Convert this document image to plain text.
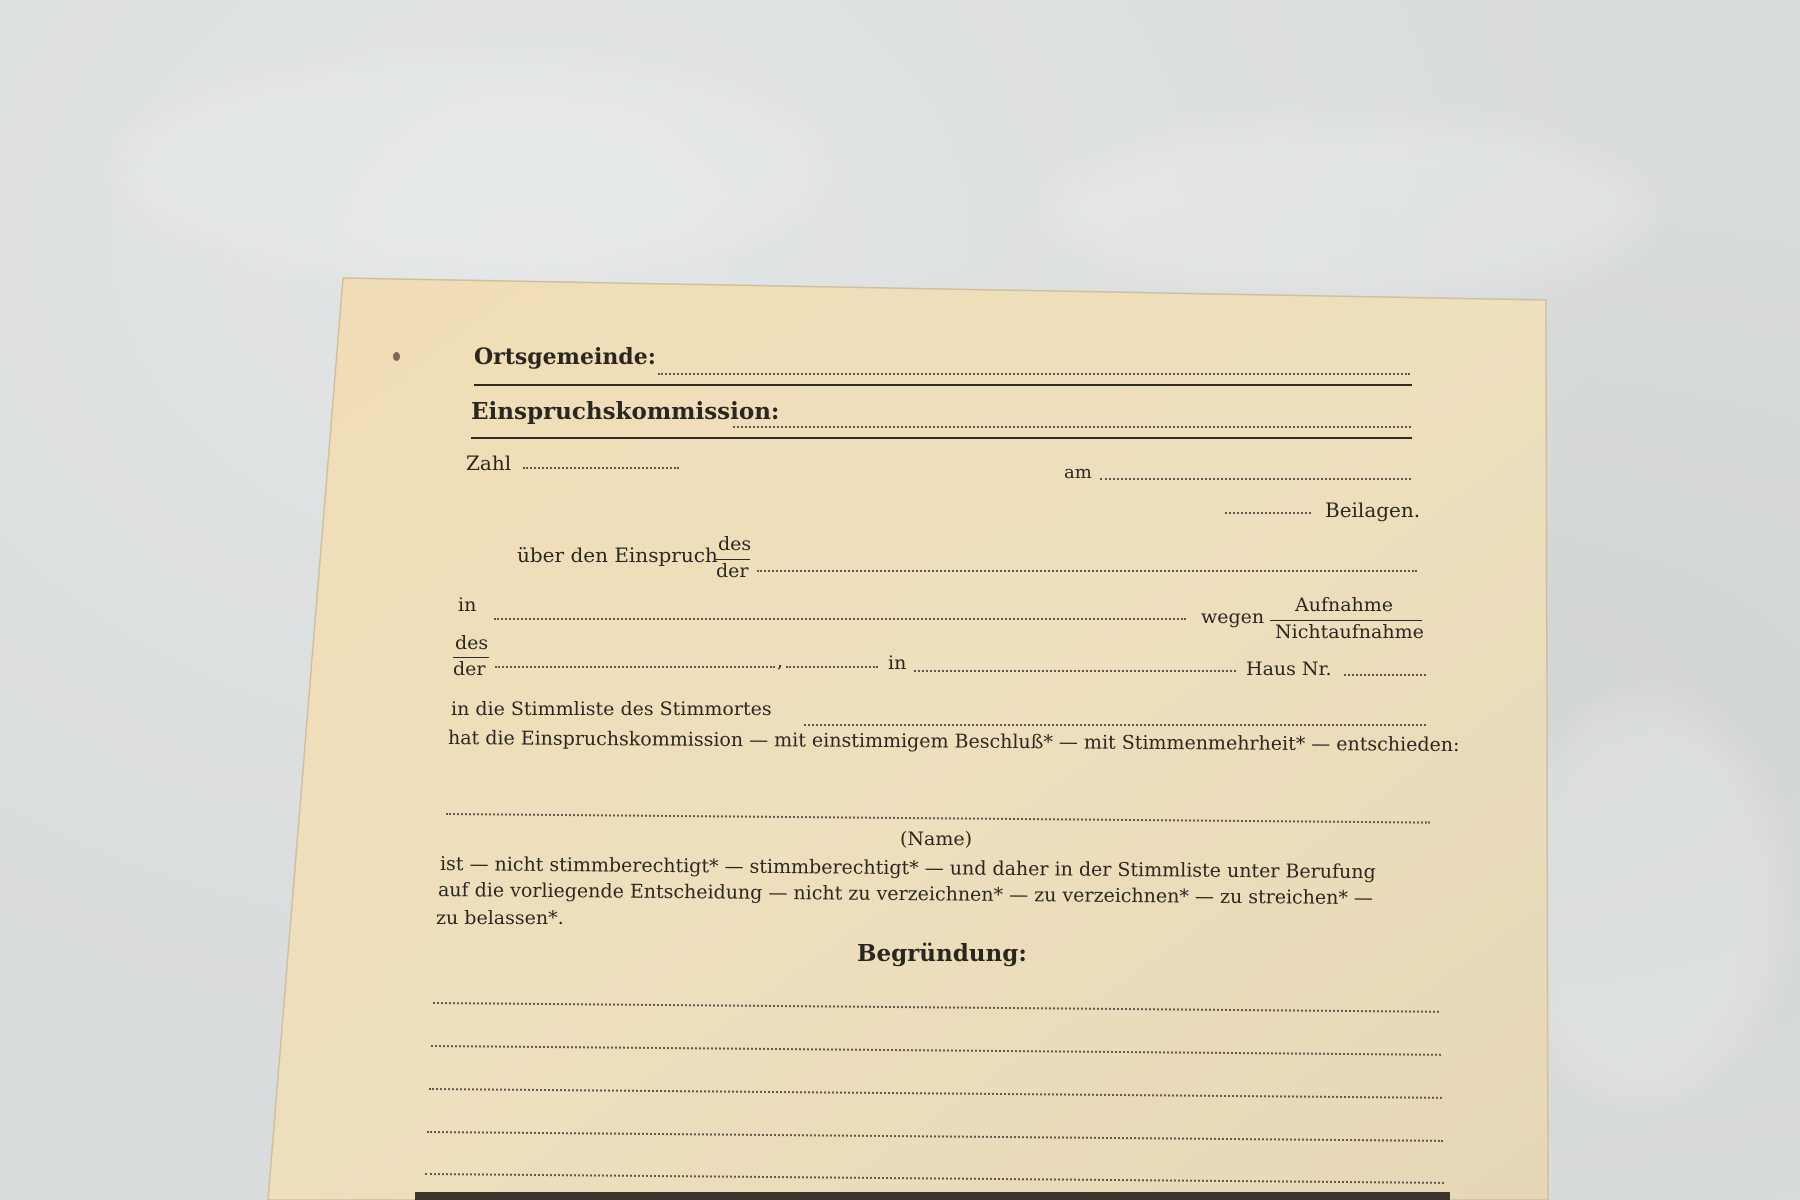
Ortsgemeinde:
Einspruchskommission:
Zahl	am
Beilagen.
über den Einspruch des
der
in
wegen
Aufnahme
Nichtaufnahme
des
der	,	in	Haus Nr.
in die Stimmliste des Stimmortes
hat die Einspruchskommission — mit einstimmigem Beschluß* — mit Stimmenmehrheit* — entschieden:
(Name)
ist — nicht stimmberechtigt* — stimmberechtigt* — und daher in der Stimmliste unter Berufung
auf die vorliegende Entscheidung — nicht zu verzeichnen* — zu verzeichnen* — zu streichen* —
zu belassen*.
Begründung:
